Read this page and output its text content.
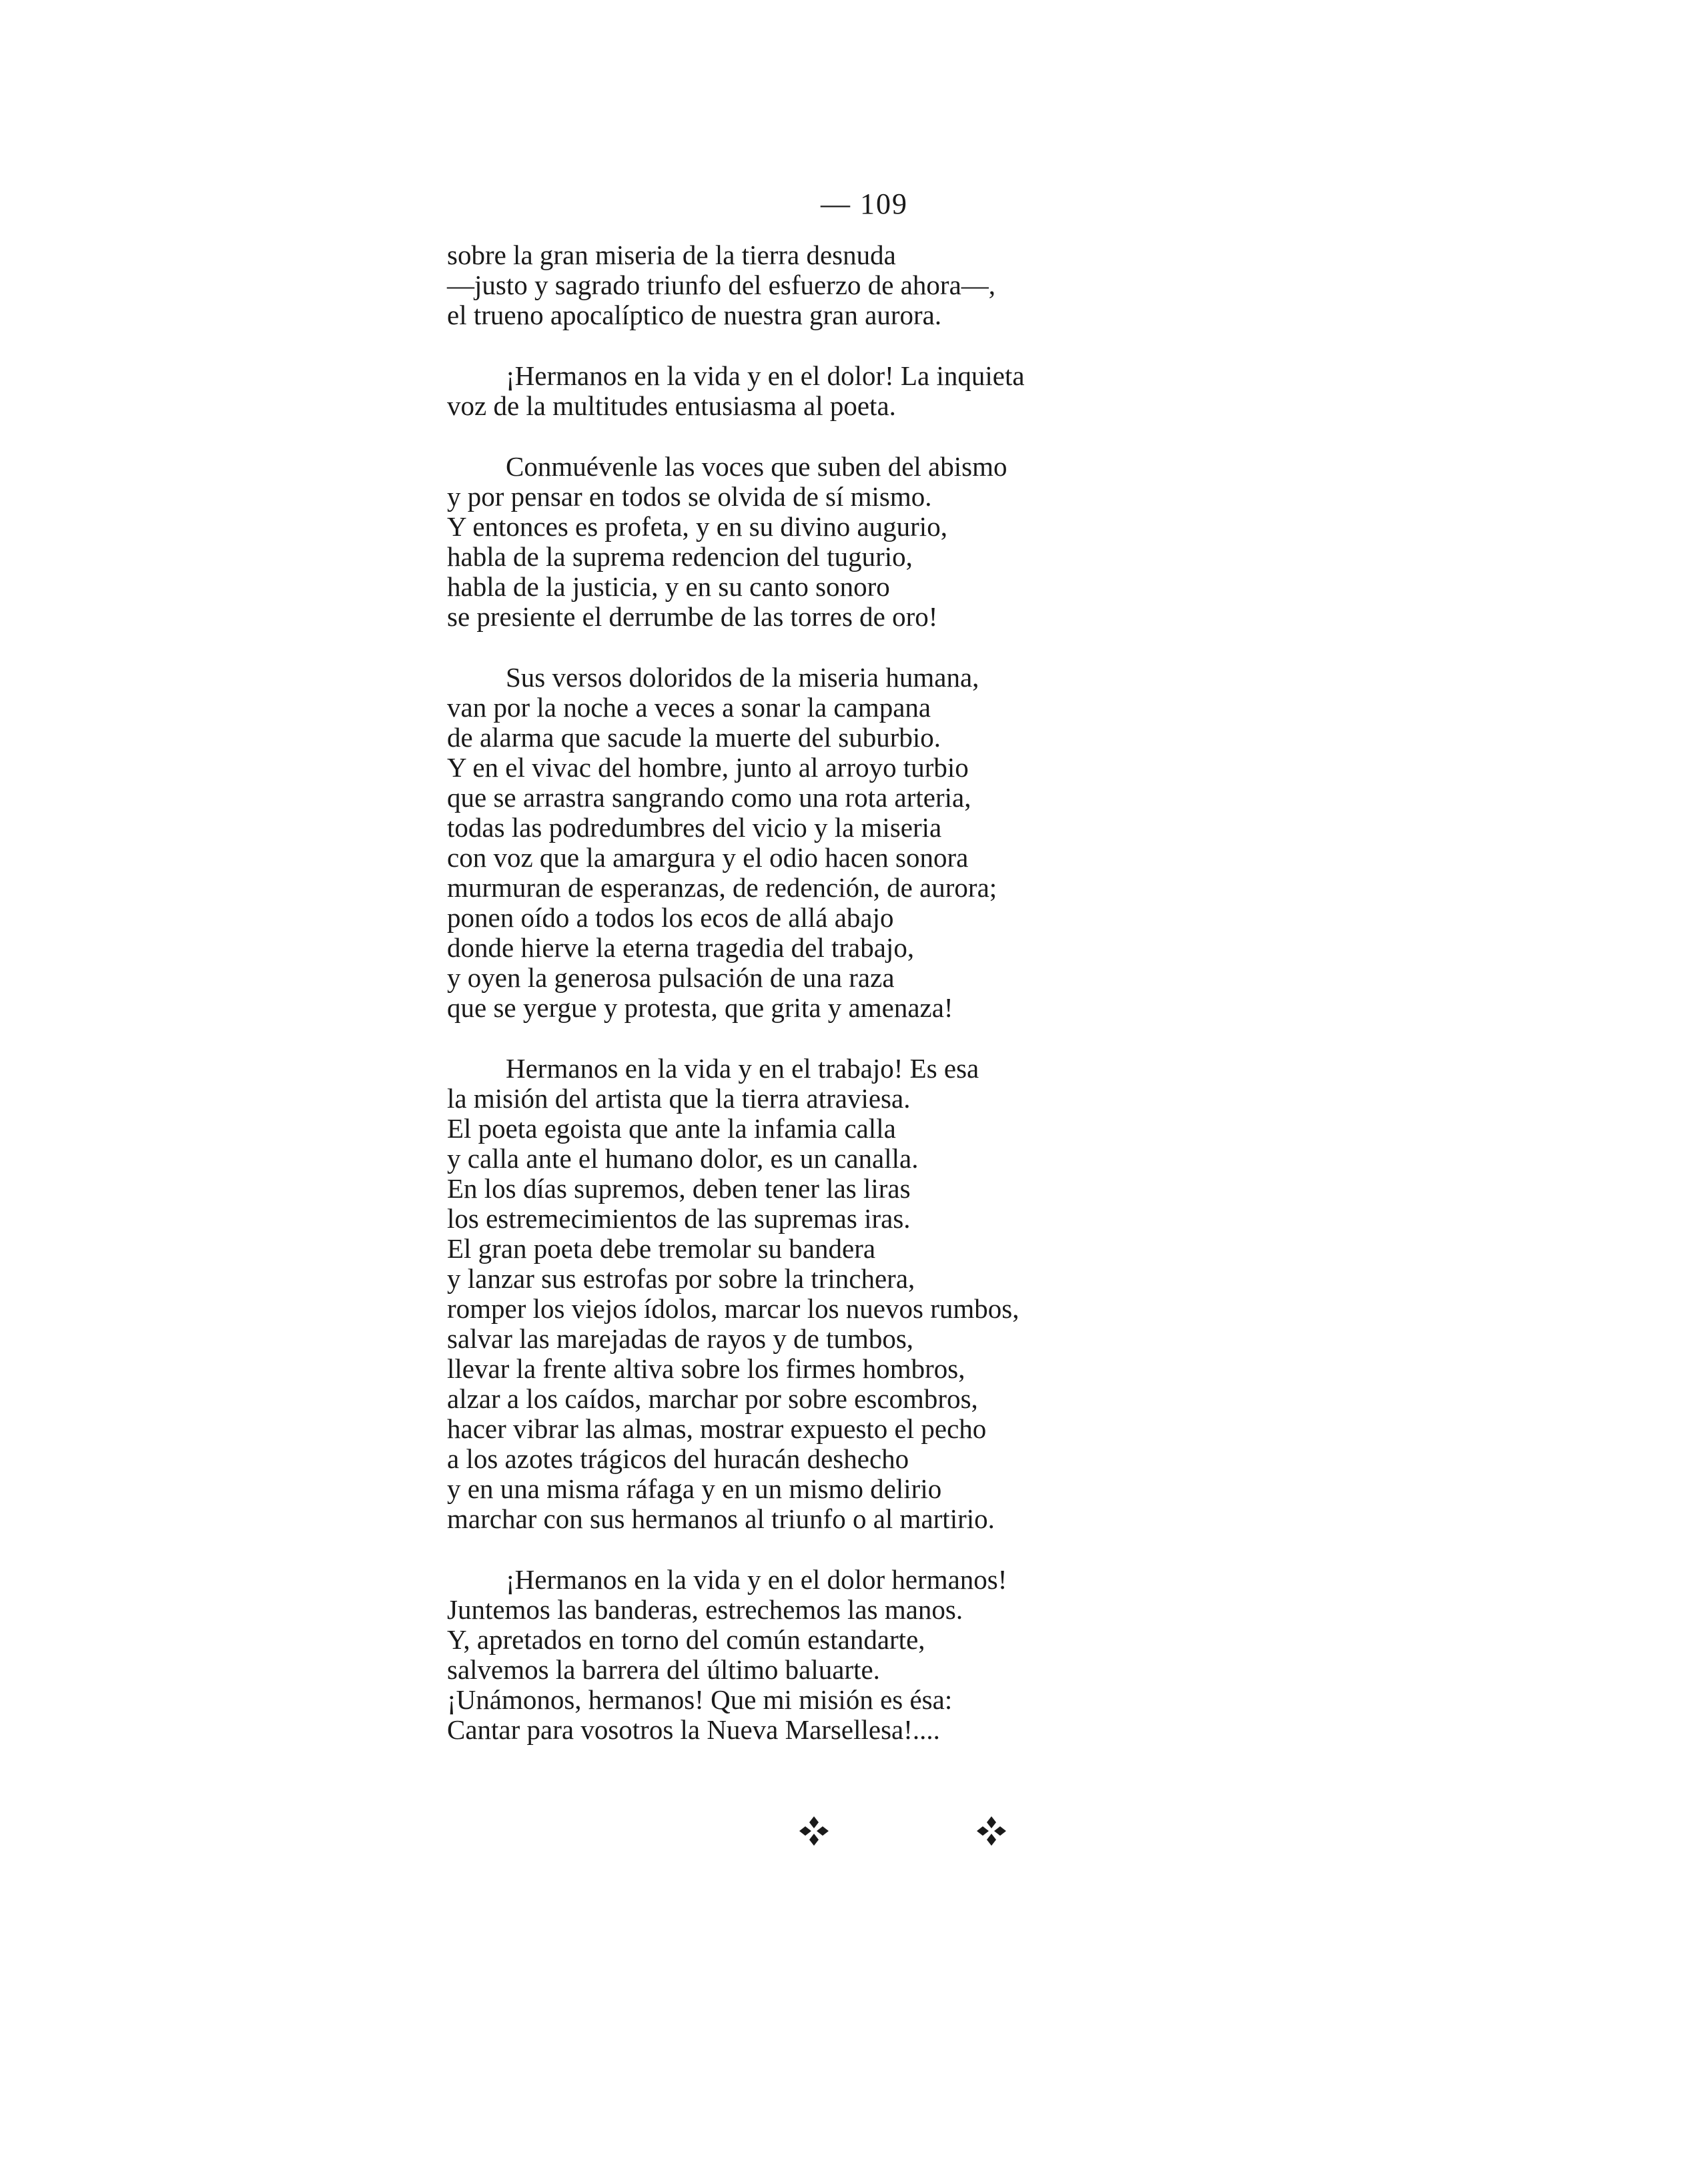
— 109
sobre la gran miseria de la tierra desnuda
—justo y sagrado triunfo del esfuerzo de ahora—,
el trueno apocalíptico de nuestra gran aurora.
¡Hermanos en la vida y en el dolor! La inquieta
voz de la multitudes entusiasma al poeta.
Conmuévenle las voces que suben del abismo
y por pensar en todos se olvida de sí mismo.
Y entonces es profeta, y en su divino augurio,
habla de la suprema redencion del tugurio,
habla de la justicia, y en su canto sonoro
se presiente el derrumbe de las torres de oro!
Sus versos doloridos de la miseria humana,
van por la noche a veces a sonar la campana
de alarma que sacude la muerte del suburbio.
Y en el vivac del hombre, junto al arroyo turbio
que se arrastra sangrando como una rota arteria,
todas las podredumbres del vicio y la miseria
con voz que la amargura y el odio hacen sonora
murmuran de esperanzas, de redención, de aurora;
ponen oído a todos los ecos de allá abajo
donde hierve la eterna tragedia del trabajo,
y oyen la generosa pulsación de una raza
que se yergue y protesta, que grita y amenaza!
Hermanos en la vida y en el trabajo! Es esa
la misión del artista que la tierra atraviesa.
El poeta egoista que ante la infamia calla
y calla ante el humano dolor, es un canalla.
En los días supremos, deben tener las liras
los estremecimientos de las supremas iras.
El gran poeta debe tremolar su bandera
y lanzar sus estrofas por sobre la trinchera,
romper los viejos ídolos, marcar los nuevos rumbos,
salvar las marejadas de rayos y de tumbos,
llevar la frente altiva sobre los firmes hombros,
alzar a los caídos, marchar por sobre escombros,
hacer vibrar las almas, mostrar expuesto el pecho
a los azotes trágicos del huracán deshecho
y en una misma ráfaga y en un mismo delirio
marchar con sus hermanos al triunfo o al martirio.
¡Hermanos en la vida y en el dolor hermanos!
Juntemos las banderas, estrechemos las manos.
Y, apretados en torno del común estandarte,
salvemos la barrera del último baluarte.
¡Unámonos, hermanos! Que mi misión es ésa:
Cantar para vosotros la Nueva Marsellesa!....
